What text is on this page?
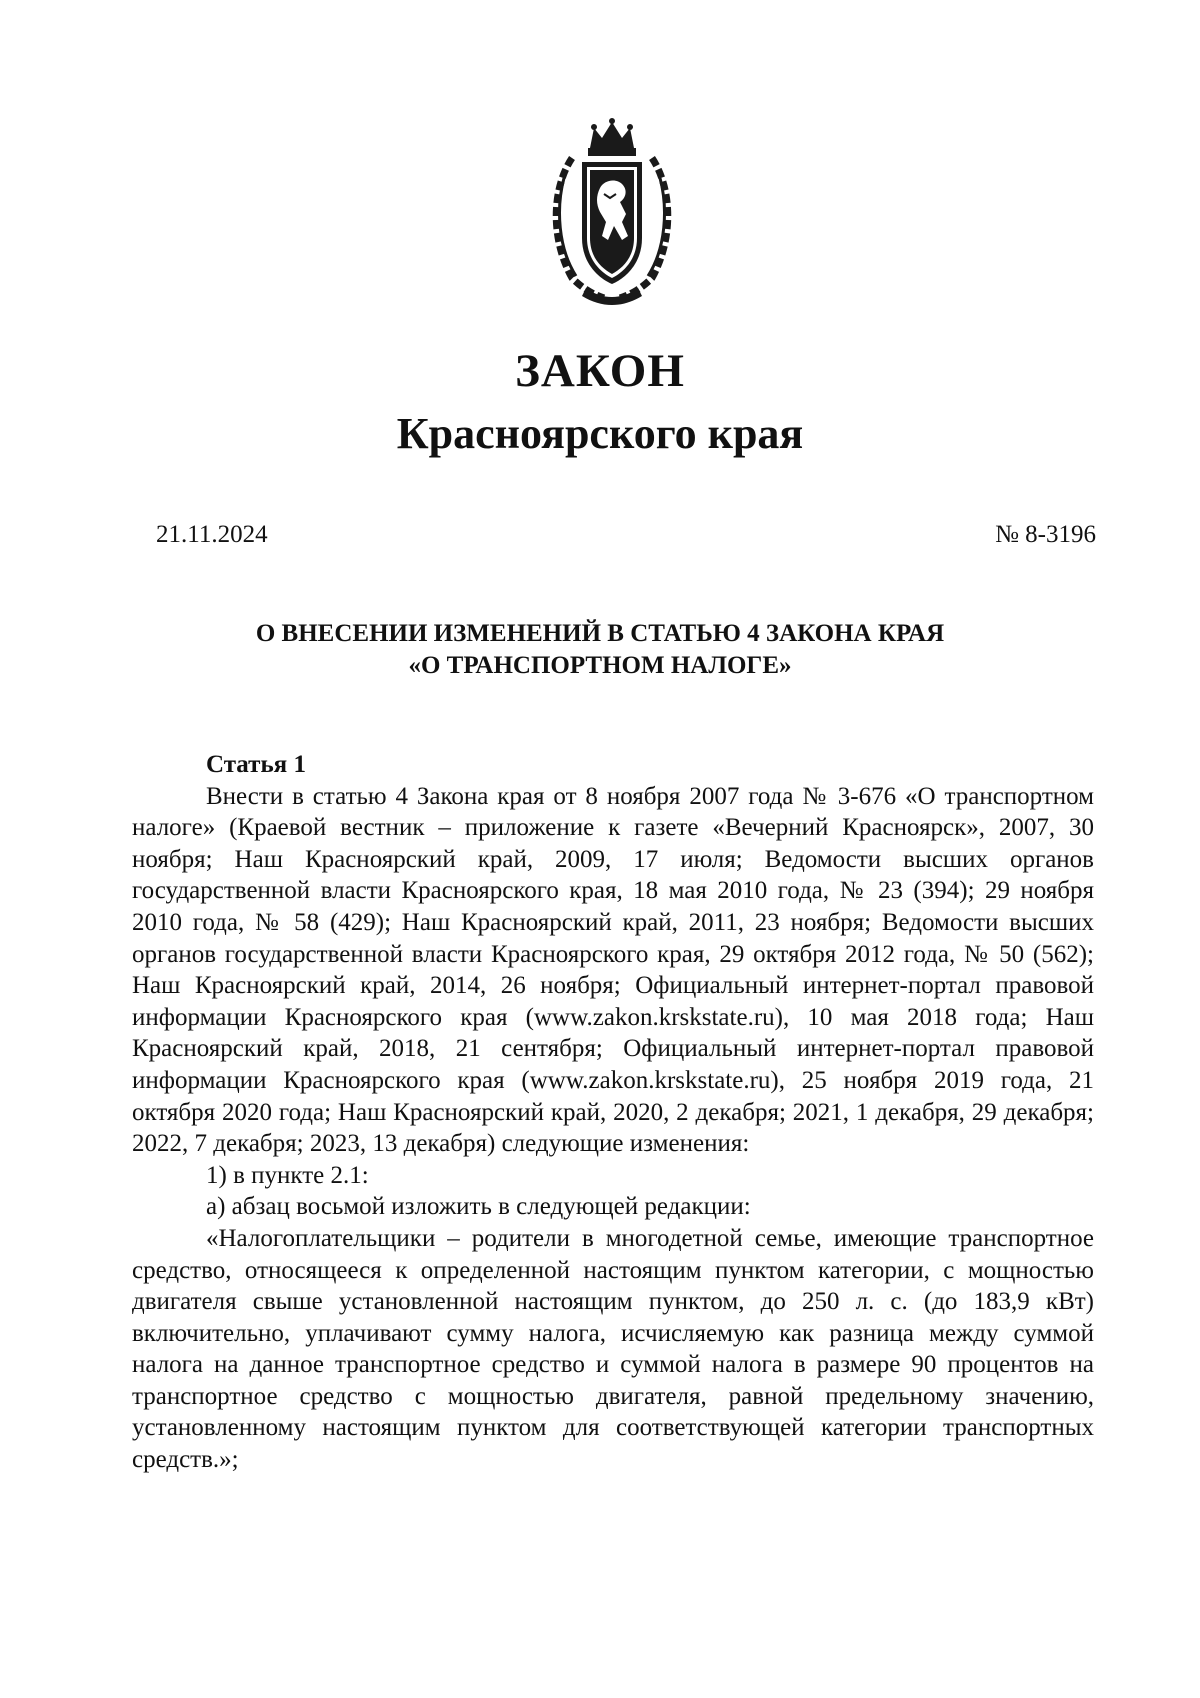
ЗАКОН
Красноярского края
21.11.2024	№ 8-3196
О ВНЕСЕНИИ ИЗМЕНЕНИЙ В СТАТЬЮ 4 ЗАКОНА КРАЯ
«О ТРАНСПОРТНОМ НАЛОГЕ»
Статья 1

Внести в статью 4 Закона края от 8 ноября 2007 года № 3-676 «О транспортном налоге» (Краевой вестник – приложение к газете «Вечерний Красноярск», 2007, 30 ноября; Наш Красноярский край, 2009, 17 июля; Ведомости высших органов государственной власти Красноярского края, 18 мая 2010 года, № 23 (394); 29 ноября 2010 года, № 58 (429); Наш Красноярский край, 2011, 23 ноября; Ведомости высших органов государственной власти Красноярского края, 29 октября 2012 года, № 50 (562); Наш Красноярский край, 2014, 26 ноября; Официальный интернет-портал правовой информации Красноярского края (www.zakon.krskstate.ru), 10 мая 2018 года; Наш Красноярский край, 2018, 21 сентября; Официальный интернет-портал правовой информации Красноярского края (www.zakon.krskstate.ru), 25 ноября 2019 года, 21 октября 2020 года; Наш Красноярский край, 2020, 2 декабря; 2021, 1 декабря, 29 декабря; 2022, 7 декабря; 2023, 13 декабря) следующие изменения:

1) в пункте 2.1:

а) абзац восьмой изложить в следующей редакции:

«Налогоплательщики – родители в многодетной семье, имеющие транспортное средство, относящееся к определенной настоящим пунктом категории, с мощностью двигателя свыше установленной настоящим пунктом, до 250 л. с. (до 183,9 кВт) включительно, уплачивают сумму налога, исчисляемую как разница между суммой налога на данное транспортное средство и суммой налога в размере 90 процентов на транспортное средство с мощностью двигателя, равной предельному значению, установленному настоящим пунктом для соответствующей категории транспортных средств.»;
